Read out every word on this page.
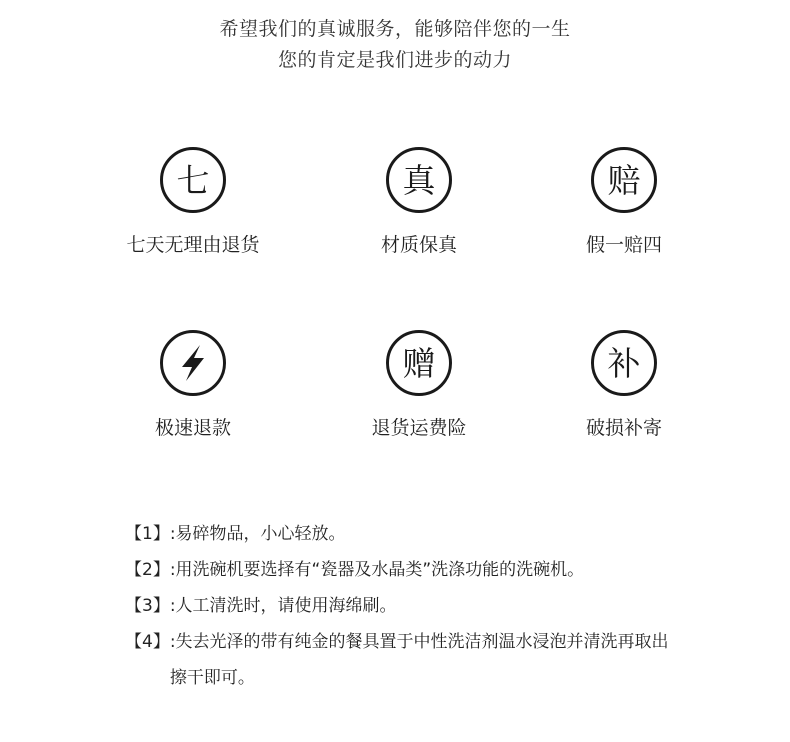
希望我们的真诚服务，能够陪伴您的一生
您的肯定是我们进步的动力
七
七天无理由退货
真
材质保真
赔
假一赔四
极速退款
赠
退货运费险
补
破损补寄
【1】 :易碎物品，小心轻放。
【2】 :用洗碗机要选择有“瓷器及水晶类”洗涤功能的洗碗机。
【3】 :人工清洗时，请使用海绵刷。
【4】 :失去光泽的带有纯金的餐具置于中性洗洁剂温水浸泡并清洗再取出擦干即可。
